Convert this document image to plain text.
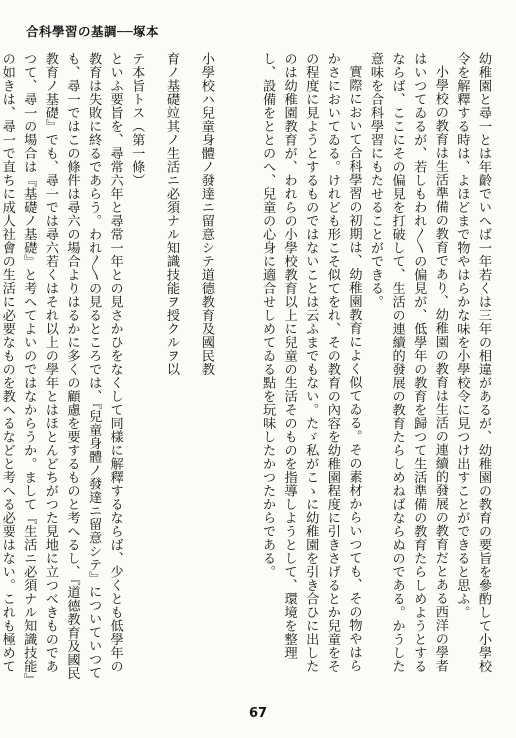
合科學習の基調──塚本

幼稚園と尋一とは年齡でいへば一年若くは三年の相違があるが、幼稚園の教育の要旨を參酌して小學校令を解釋する時は、よほどまで物やはらかな味を小學校令に見つけ出すことができると思ふ。

小學校の教育は生活準備の教育であり、幼稚園の教育は生活の連續的發展の教育だとある西洋の學者はいつてゐるが、若しもわれ〳〵の偏見が、低學年の教育を歸つて生活準備の教育たらしめようとするならば、ここにその偏見を打破して、生活の連續的發展の教育たらしめねばならぬのである。かうした意味を合科學習にもたせることができる。

實際において合科學習の初期は、幼稚園教育によく似てゐる。その素材からいつても、その物やはらかさにおいてゐる。けれども形こそ似てをれ、その教育の內容を幼稚園程度に引きさげるとか兒童をその程度に見ようとするものではないことは云ふまでもない。たゞ私がこゝに幼稚園を引き合ひに出したのは幼稚園教育が、われらの小學校教育以上に兒童の生活そのものを指導しようとして、環境を整理し、設備をととのへ、兒童の心身に適合せしめてゐる點を玩味したかつたからである。

小學校ハ兒童身體ノ發達ニ留意シテ道德教育及國民教

育ノ基礎竝其ノ生活ニ必須ナル知識技能ヲ授クルヲ以

テ本旨トス（第一條）

といふ要旨を、尋常六年と尋常一年との見さかひをなくして同樣に解釋するならば、少くとも低學年の教育は失敗に終るであらう。われ〳〵の見るところでは、『兒童身體ノ發達ニ留意シテ』についていつても、尋一ではこの條件は尋六の場合よりはるかに多くの顧慮を要するものと考へるし、『道德教育及國民教育ノ基礎』でも、尋一では尋六若くはそれ以上の學年とはほとんどちがつた見地に立つべきものであつて、尋一の場合は『基礎ノ基礎』と考へてよいのではなからうか。まして『生活ニ必須ナル知識技能』の如きは、尋一で直ちに成人社會の生活に必要なものを教へるなどと考へる必要はない。これも極めて

67
